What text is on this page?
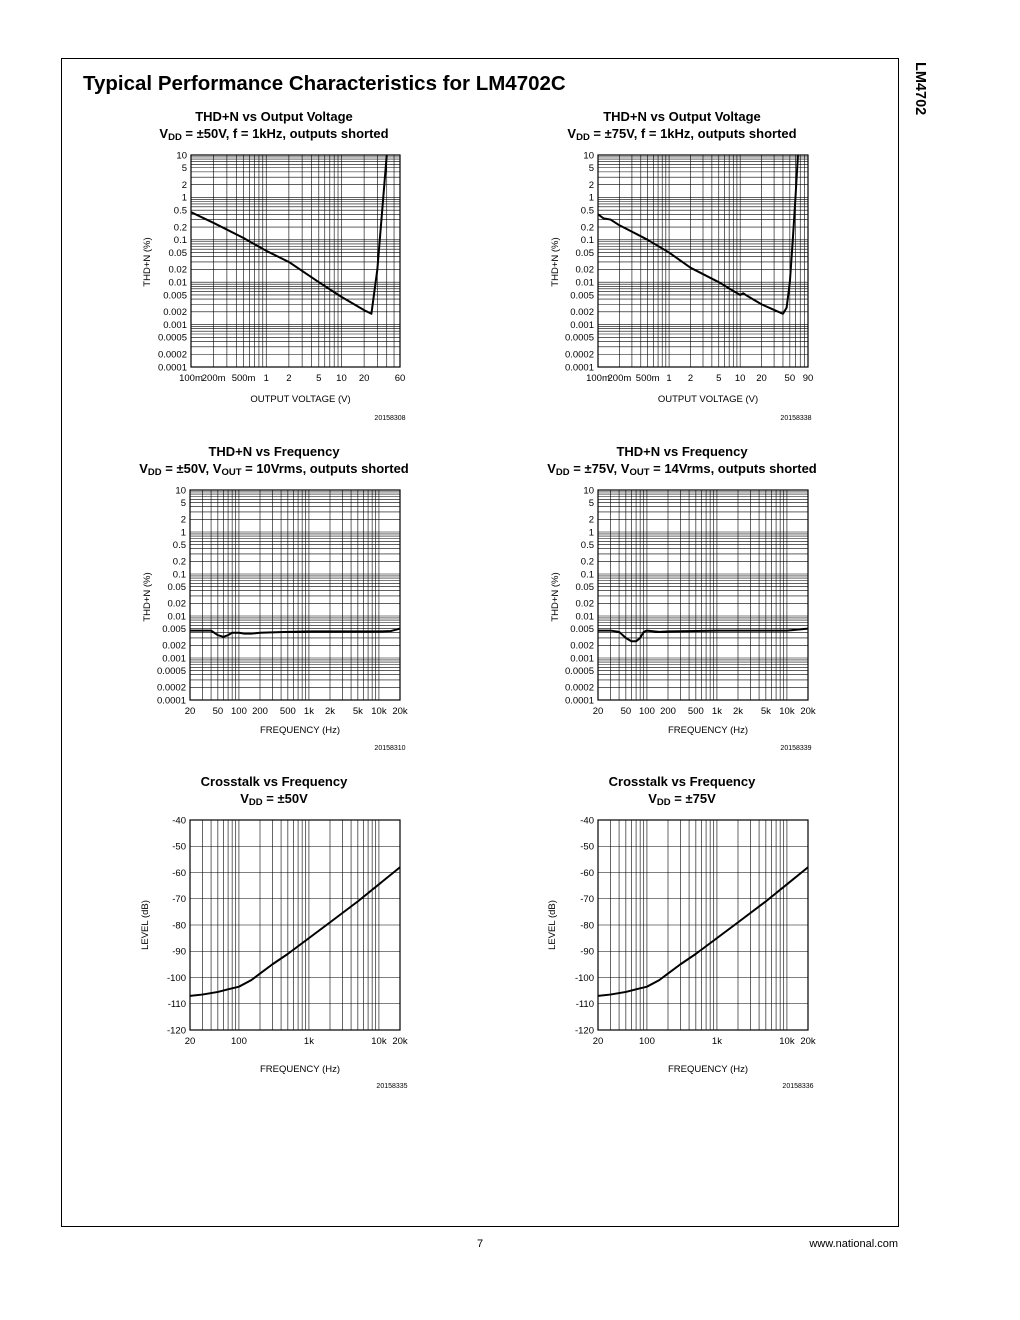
Typical Performance Characteristics for LM4702C	LM4702
THD+N vs Output Voltage
$V_{DD} = \pm 50V$, f = 1kHz, outputs shorted
THD+N vs Output Voltage
$V_{DD} = \pm 75V$, f = 1kHz, outputs shorted
THD+N vs Frequency
$V_{DD} = \pm 50V$, $V_{OUT}$ = 10Vrms, outputs shorted
THD+N vs Frequency
$V_{DD} = \pm 75V$, $V_{OUT}$ = 14Vrms, outputs shorted
Crosstalk vs Frequency
$V_{DD} = \pm 50V$
Crosstalk vs Frequency
$V_{DD} = \pm 75V$
10
5
2
1
0.5
0.2
0.1
0.05
0.02
0.01
0.005
0.002
0.001
0.0005
0.0002
0.0001
100m
200m 500m 1 2	5 10 20	60
OUTPUT VOLTAGE (V)
THD+N (%)
20158308
10
5
2
1
0.5
0.2
0.1
0.05
0.02
0.01
0.005
0.002
0.001
0.0005
0.0002
0.0001
100m
200m 500m 1 2 5 10 20 50 90
OUTPUT VOLTAGE (V)
THD+N (%)
20158338
10
5
2
1
0.5
0.2
0.1
0.05
0.02
0.01
0.005
0.002
0.001
0.0005
0.0002
0.0001
20 50 100 200 500 1k 2k 5k 10k 20k
FREQUENCY (Hz)
THD+N (%)
20158310
10
5
2
1
0.5
0.2
0.1
0.05
0.02
0.01
0.005
0.002
0.001
0.0005
0.0002
0.0001
20 50 100 200 500 1k 2k 5k 10k 20k
FREQUENCY (Hz)
THD+N (%)
20158339
-40
-50
-60
-70
-80
-90
-100
-110
-120
20	100	1k	10k 20k
FREQUENCY (Hz)
LEVEL (dB)
20158335
-40
-50
-60
-70
-80
-90
-100
-110
-120
20	100	1k	10k 20k
FREQUENCY (Hz)
LEVEL (dB)
20158336
7	www.national.com
